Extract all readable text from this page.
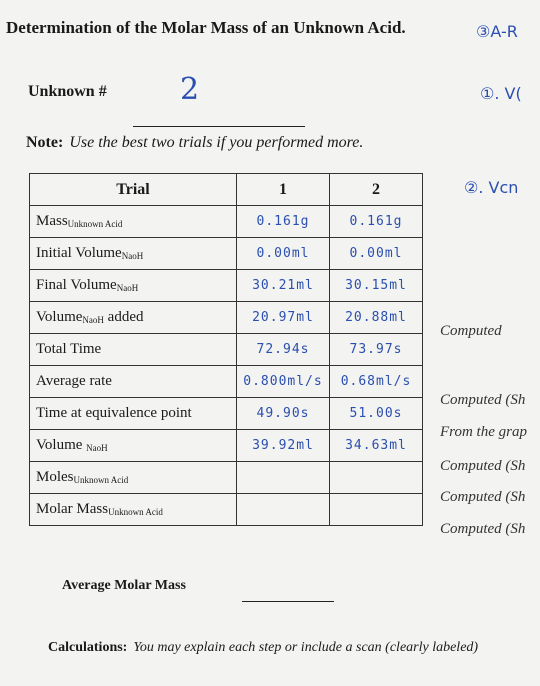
Determination of the Molar Mass of an Unknown Acid.	③A-R
①. V(
②. Vcn
Unknown # 2
Note: Use the best two trials if you performed more.
Trial	1	2
Mass$_{Unknown Acid}$	0.161g	0.161g
Initial Volume$_{NaoH}$	0.00ml	0.00ml
Final Volume$_{NaoH}$	30.21ml	30.15ml
Volume$_{NaoH}$ added	20.97ml	20.88ml
Total Time	72.94s	73.97s
Average rate	0.800ml/s	0.68ml/s
Time at equivalence point	49.90s	51.00s
Volume $_{NaoH}$	39.92ml	34.63ml
Moles$_{Unknown Acid}$		
Molar Mass$_{Unknown Acid}$		
Computed
Computed (Sh
From the grap
Computed (Sh
Computed (Sh
Computed (Sh
Average Molar Mass
Calculations: You may explain each step or include a scan (clearly labeled)
